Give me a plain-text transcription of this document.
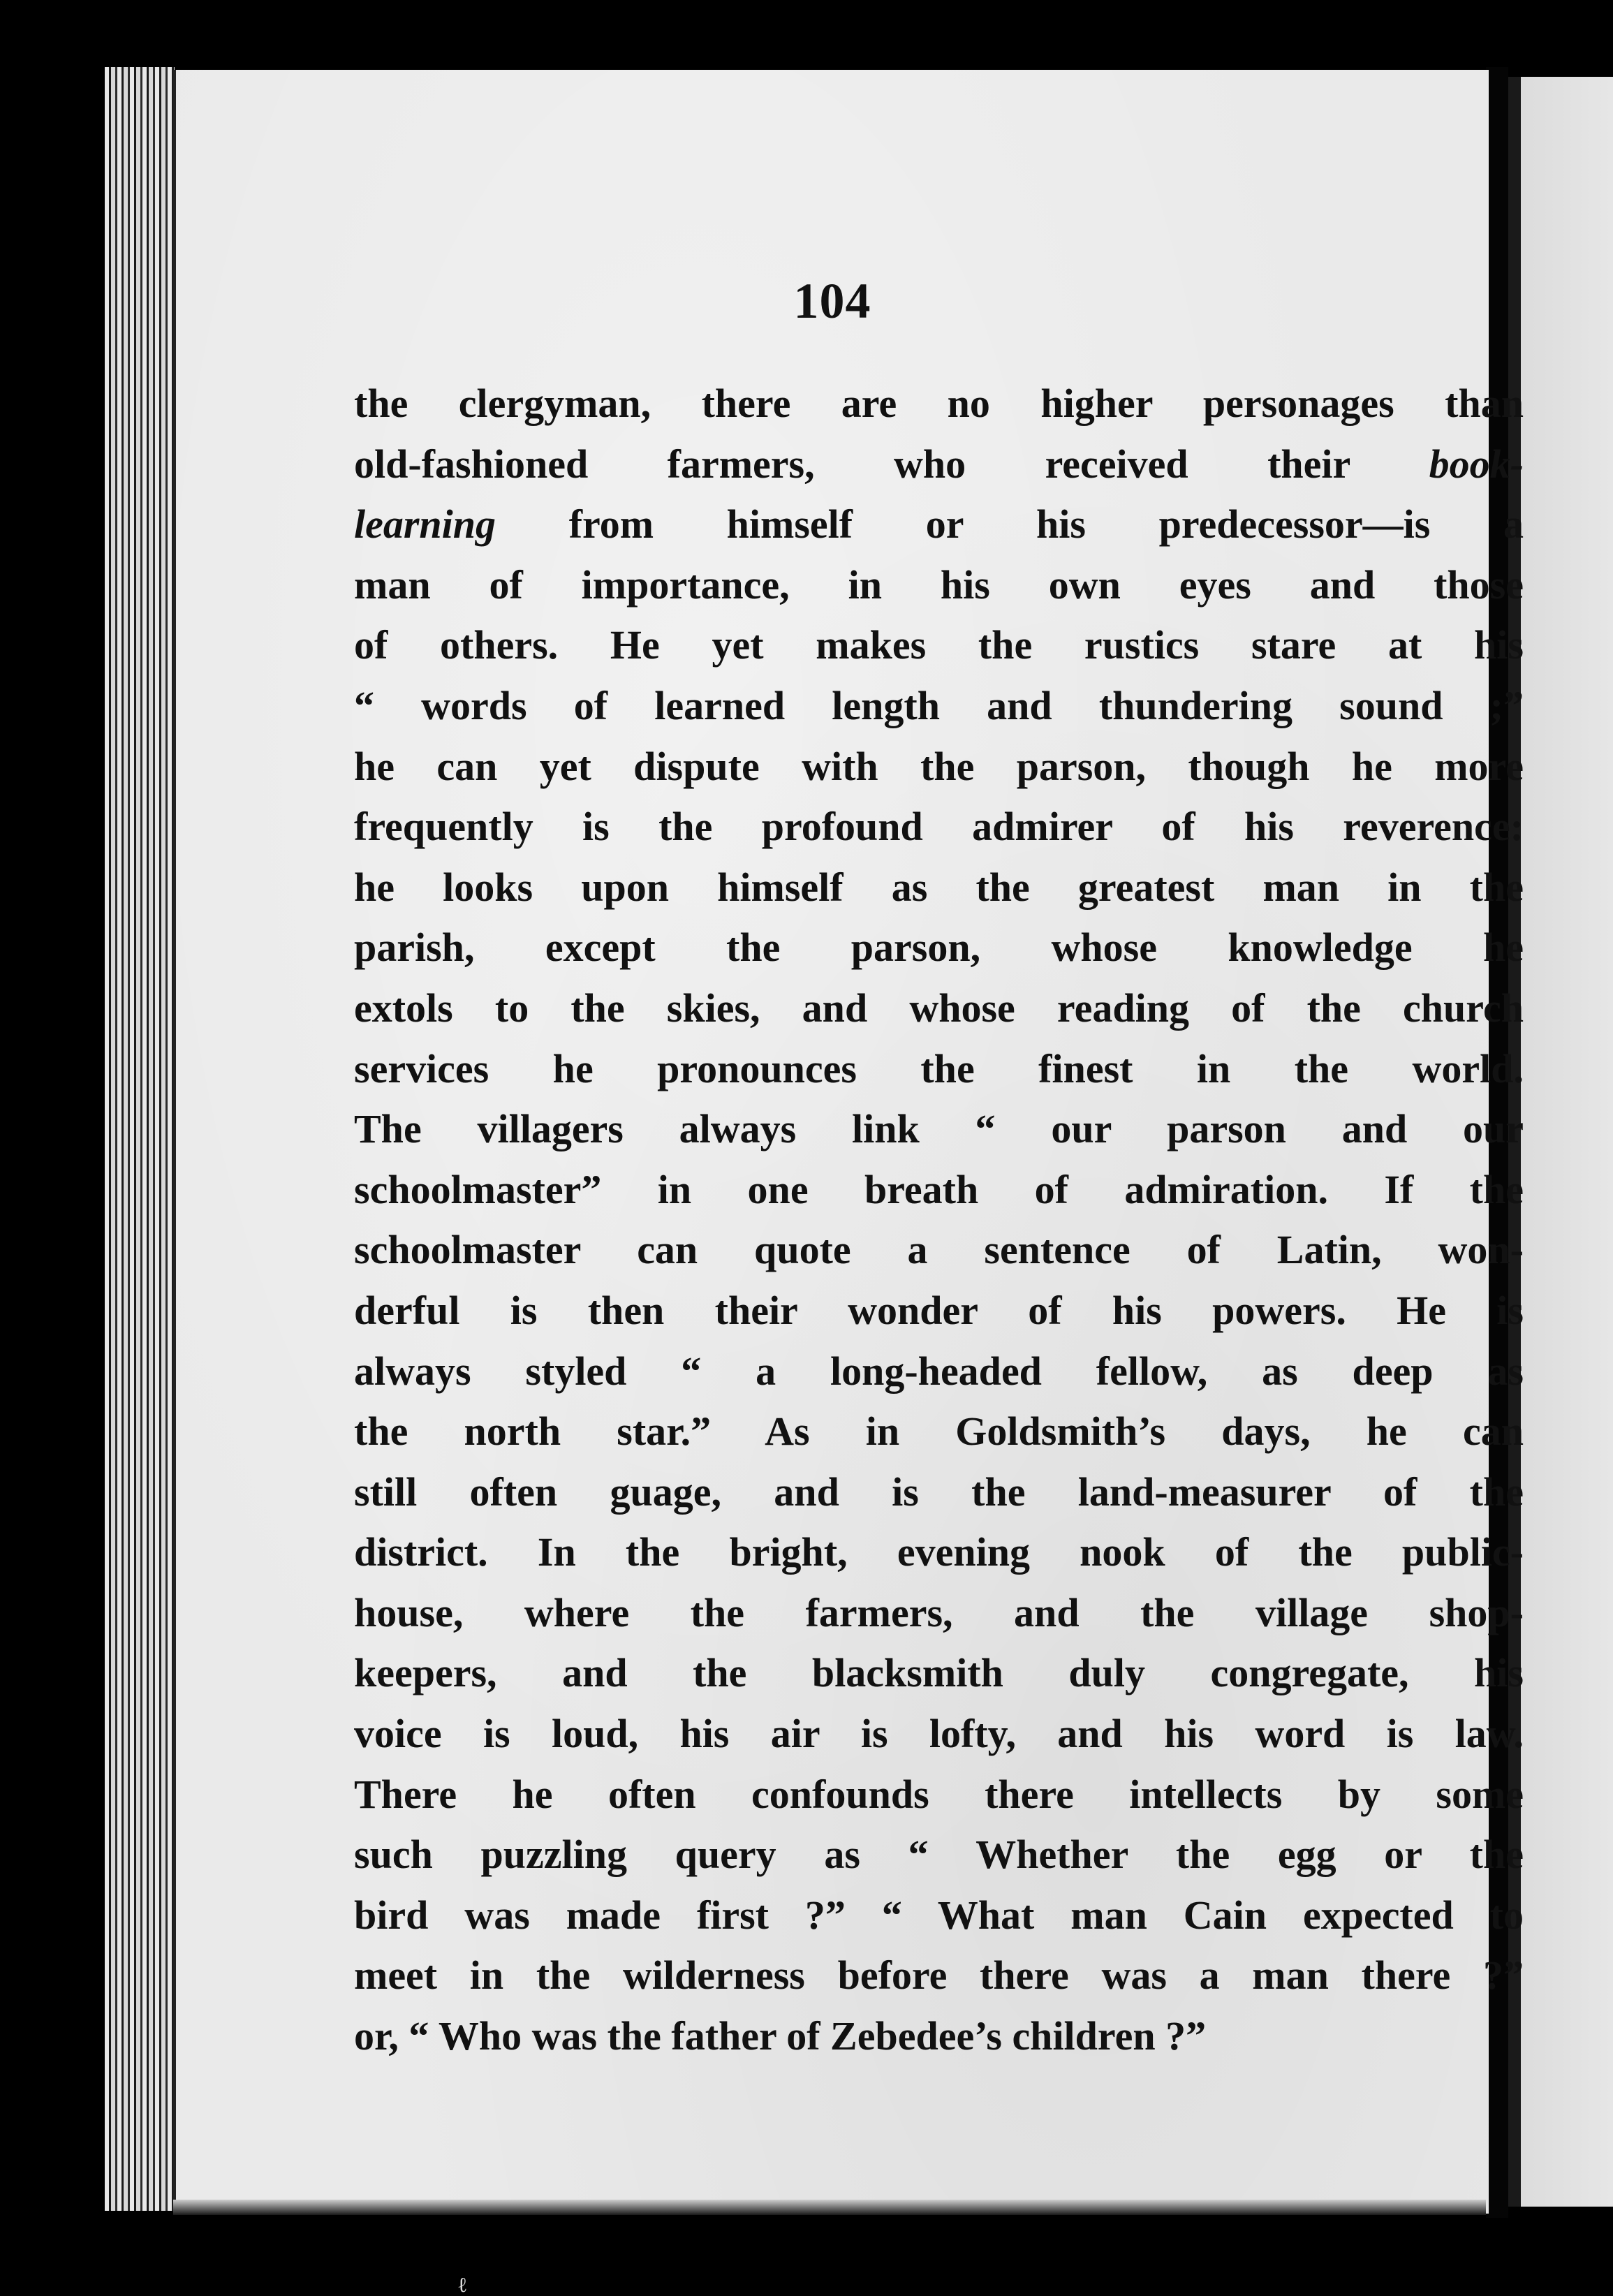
104
the clergyman, there are no higher personages than
old-fashioned farmers, who received their book-
learning from himself or his predecessor—is a
man of importance, in his own eyes and those
of others. He yet makes the rustics stare at his
“ words of learned length and thundering sound ;”
he can yet dispute with the parson, though he more
frequently is the profound admirer of his reverence:
he looks upon himself as the greatest man in the
parish, except the parson, whose knowledge he
extols to the skies, and whose reading of the church
services he pronounces the finest in the world.
The villagers always link “ our parson and our
schoolmaster” in one breath of admiration. If the
schoolmaster can quote a sentence of Latin, won-
derful is then their wonder of his powers. He is
always styled “ a long-headed fellow, as deep as
the north star.” As in Goldsmith’s days, he can
still often guage, and is the land-measurer of the
district. In the bright, evening nook of the public-
house, where the farmers, and the village shop-
keepers, and the blacksmith duly congregate, his
voice is loud, his air is lofty, and his word is law.
There he often confounds there intellects by some
such puzzling query as “ Whether the egg or the
bird was made first ?” “ What man Cain expected to
meet in the wilderness before there was a man there ?”
or, “ Who was the father of Zebedee’s children ?”
ℓ
